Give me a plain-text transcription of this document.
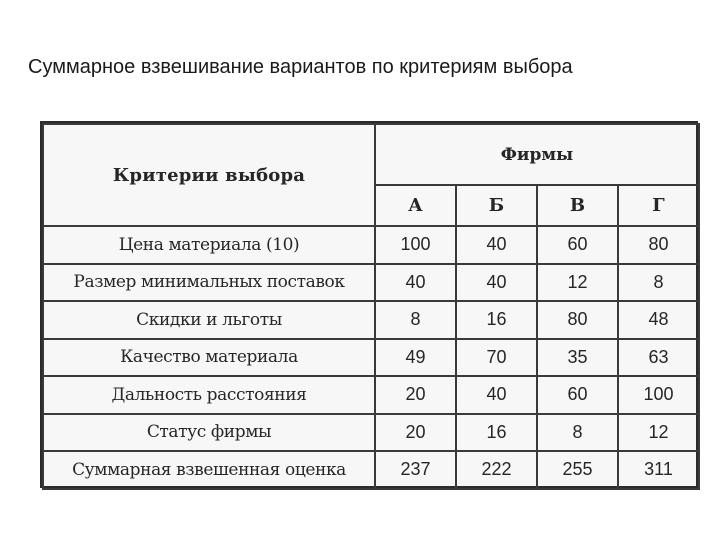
Суммарное взвешивание вариантов по критериям выбора
Критерии выбора	Фирмы			
	А	Б	В	Г
Цена материала (10)	100	40	60	80
Размер минимальных поставок	40	40	12	8
Скидки и льготы	8	16	80	48
Качество материала	49	70	35	63
Дальность расстояния	20	40	60	100
Статус фирмы	20	16	8	12
Суммарная взвешенная оценка	237	222	255	311
